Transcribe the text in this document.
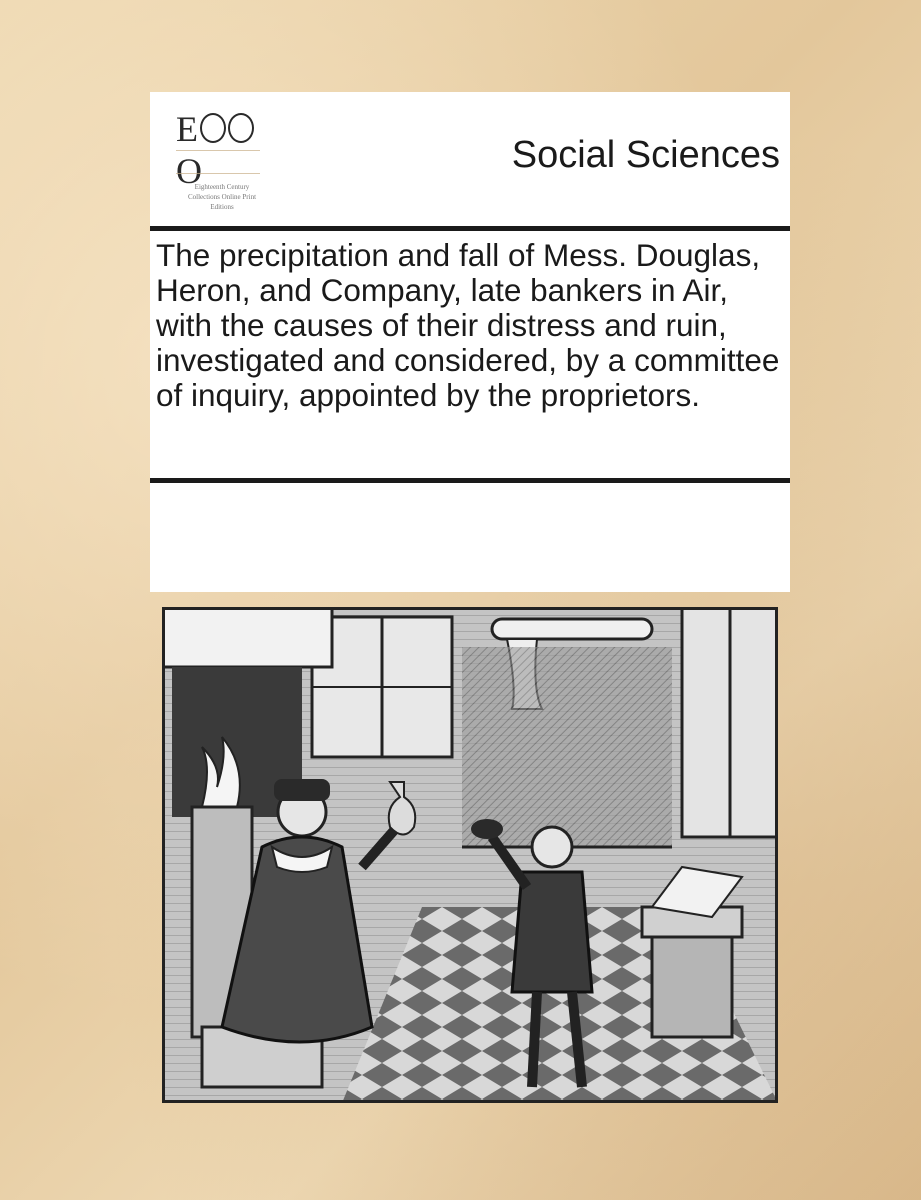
EO
Eighteenth Century Collections Online Print Editions
Social Sciences
The precipitation and fall of Mess. Douglas, Heron, and Company, late bankers in Air, with the causes of their distress and ruin, investigated and considered, by a committee of inquiry, appointed by the proprietors.
